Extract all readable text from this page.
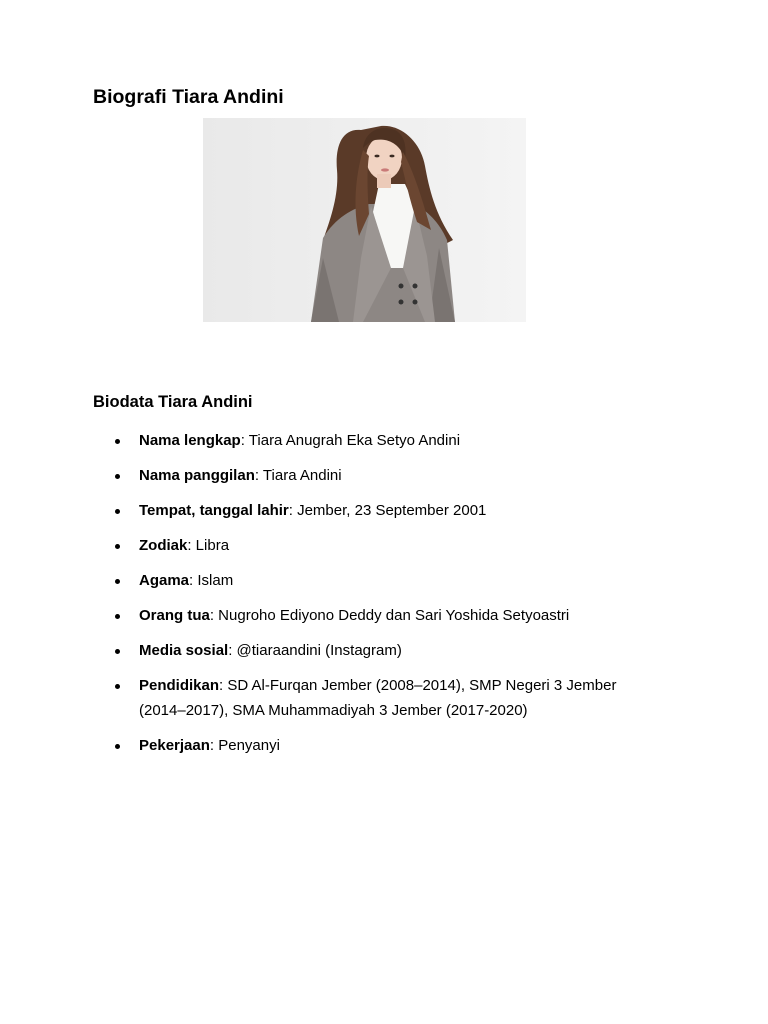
Biografi Tiara Andini
Biodata Tiara Andini
Nama lengkap: Tiara Anugrah Eka Setyo Andini
Nama panggilan: Tiara Andini
Tempat, tanggal lahir: Jember, 23 September 2001
Zodiak: Libra
Agama: Islam
Orang tua: Nugroho Ediyono Deddy dan Sari Yoshida Setyoastri
Media sosial: @tiaraandini (Instagram)
Pendidikan: SD Al-Furqan Jember (2008–2014), SMP Negeri 3 Jember (2014–2017), SMA Muhammadiyah 3 Jember (2017-2020)
Pekerjaan: Penyanyi
